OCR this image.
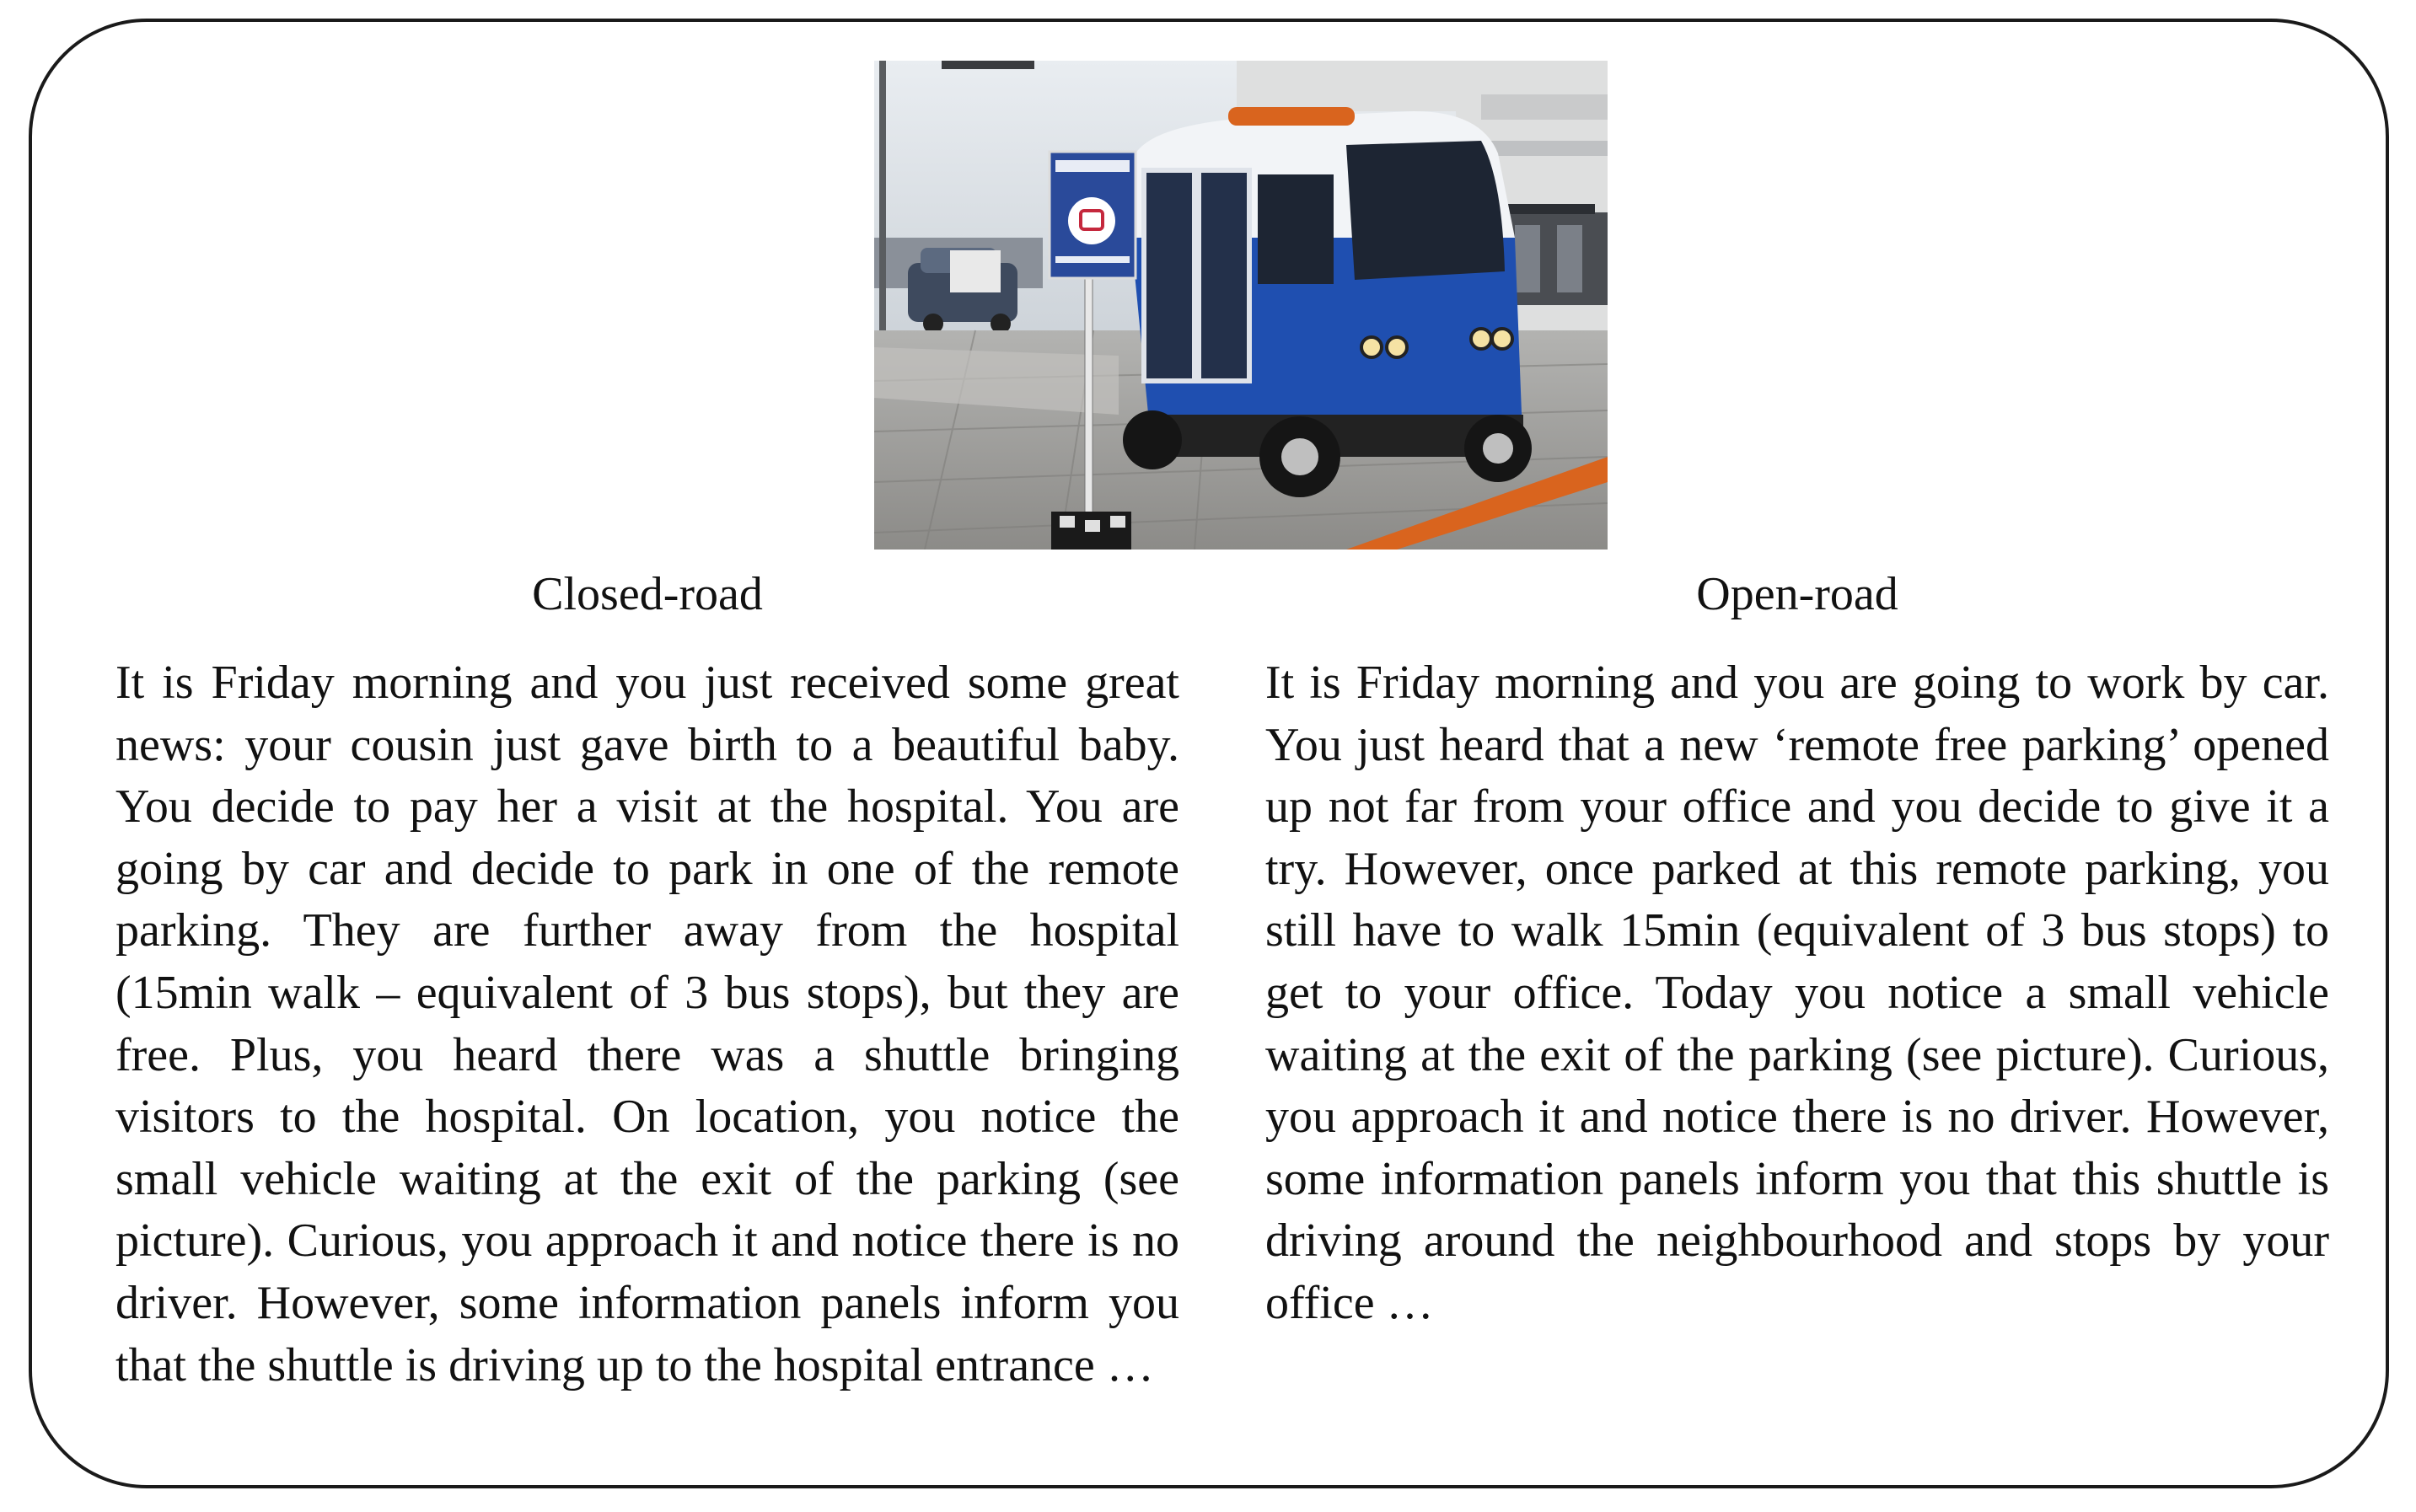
Closed-road	Open-road
It is Friday morning and you just received some great news: your cousin just gave birth to a beautiful baby. You decide to pay her a visit at the hospital. You are going by car and decide to park in one of the remote parking. They are further away from the hospital (15min walk – equivalent of 3 bus stops), but they are free. Plus, you heard there was a shuttle bringing visitors to the hospital. On location, you notice the small vehicle waiting at the exit of the parking (see picture). Curious, you approach it and notice there is no driver. However, some information panels inform you that the shuttle is driving up to the hospital entrance …
It is Friday morning and you are going to work by car. You just heard that a new ‘remote free parking’ opened up not far from your office and you decide to give it a try. However, once parked at this remote parking, you still have to walk 15min (equivalent of 3 bus stops) to get to your office. Today you notice a small vehicle waiting at the exit of the parking (see picture). Curious, you approach it and notice there is no driver. However, some information panels inform you that this shuttle is driving around the neighbourhood and stops by your office …
